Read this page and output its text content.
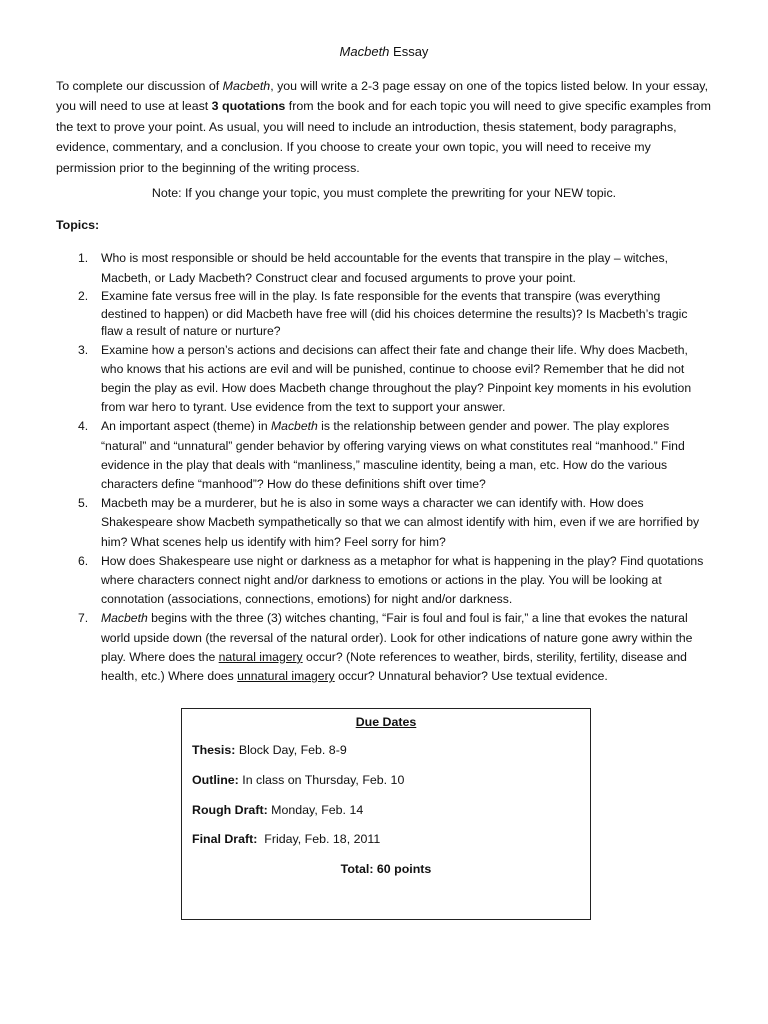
Macbeth Essay
To complete our discussion of Macbeth, you will write a 2-3 page essay on one of the topics listed below. In your essay, you will need to use at least 3 quotations from the book and for each topic you will need to give specific examples from the text to prove your point. As usual, you will need to include an introduction, thesis statement, body paragraphs, evidence, commentary, and a conclusion. If you choose to create your own topic, you will need to receive my permission prior to the beginning of the writing process.
Note: If you change your topic, you must complete the prewriting for your NEW topic.
Topics:
1. Who is most responsible or should be held accountable for the events that transpire in the play – witches, Macbeth, or Lady Macbeth? Construct clear and focused arguments to prove your point.
2. Examine fate versus free will in the play. Is fate responsible for the events that transpire (was everything destined to happen) or did Macbeth have free will (did his choices determine the results)? Is Macbeth’s tragic flaw a result of nature or nurture?
3. Examine how a person’s actions and decisions can affect their fate and change their life. Why does Macbeth, who knows that his actions are evil and will be punished, continue to choose evil? Remember that he did not begin the play as evil. How does Macbeth change throughout the play? Pinpoint key moments in his evolution from war hero to tyrant. Use evidence from the text to support your answer.
4. An important aspect (theme) in Macbeth is the relationship between gender and power. The play explores “natural” and “unnatural” gender behavior by offering varying views on what constitutes real “manhood.” Find evidence in the play that deals with “manliness,” masculine identity, being a man, etc. How do the various characters define “manhood”? How do these definitions shift over time?
5. Macbeth may be a murderer, but he is also in some ways a character we can identify with. How does Shakespeare show Macbeth sympathetically so that we can almost identify with him, even if we are horrified by him? What scenes help us identify with him? Feel sorry for him?
6. How does Shakespeare use night or darkness as a metaphor for what is happening in the play? Find quotations where characters connect night and/or darkness to emotions or actions in the play. You will be looking at connotation (associations, connections, emotions) for night and/or darkness.
7. Macbeth begins with the three (3) witches chanting, “Fair is foul and foul is fair,” a line that evokes the natural world upside down (the reversal of the natural order). Look for other indications of nature gone awry within the play. Where does the natural imagery occur? (Note references to weather, birds, sterility, fertility, disease and health, etc.) Where does unnatural imagery occur? Unnatural behavior? Use textual evidence.
Due Dates
Thesis: Block Day, Feb. 8-9
Outline: In class on Thursday, Feb. 10
Rough Draft: Monday, Feb. 14
Final Draft:  Friday, Feb. 18, 2011
Total: 60 points
